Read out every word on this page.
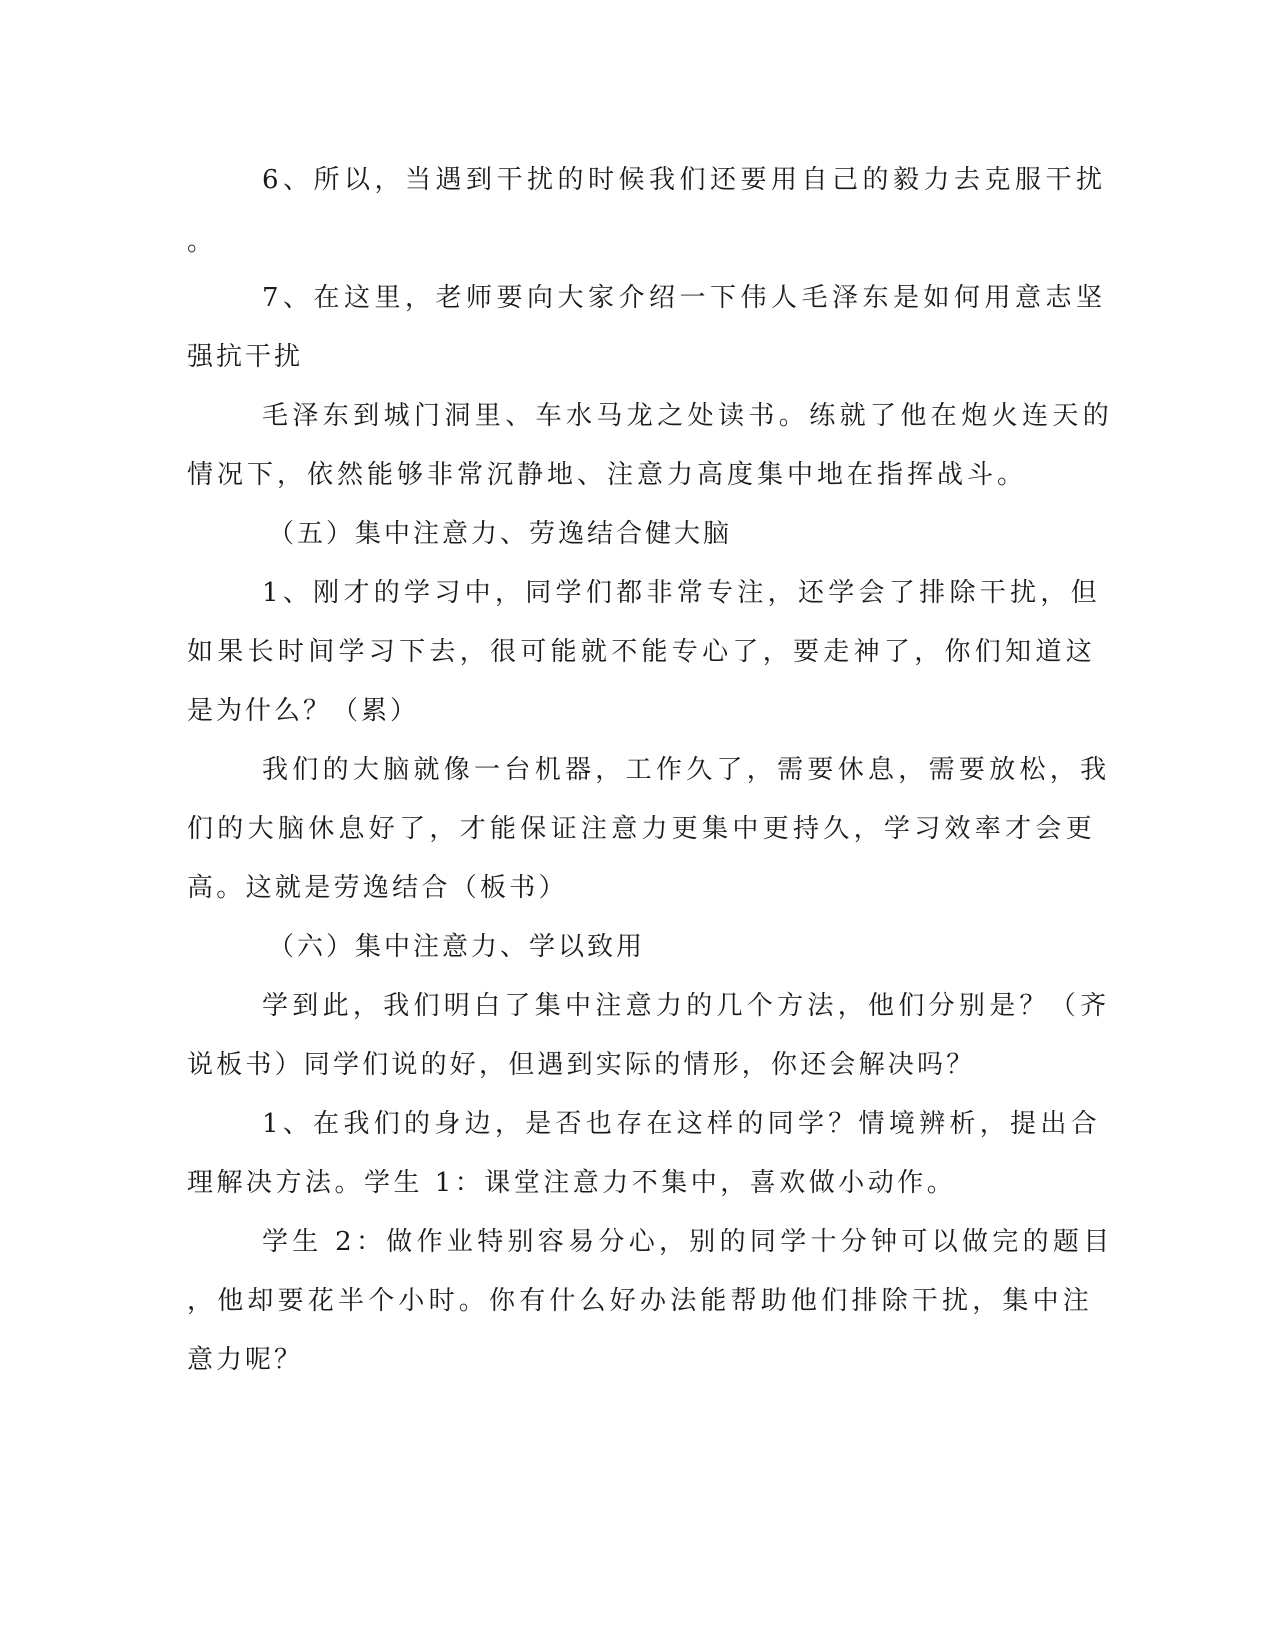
6、所以，当遇到干扰的时候我们还要用自己的毅力去克服干扰
。
7、在这里，老师要向大家介绍一下伟人毛泽东是如何用意志坚
强抗干扰
毛泽东到城门洞里、车水马龙之处读书。练就了他在炮火连天的
情况下，依然能够非常沉静地、注意力高度集中地在指挥战斗。
（五）集中注意力、劳逸结合健大脑
1、刚才的学习中，同学们都非常专注，还学会了排除干扰，但
如果长时间学习下去，很可能就不能专心了，要走神了，你们知道这
是为什么？（累）
我们的大脑就像一台机器，工作久了，需要休息，需要放松，我
们的大脑休息好了，才能保证注意力更集中更持久，学习效率才会更
高。这就是劳逸结合（板书）
（六）集中注意力、学以致用
学到此，我们明白了集中注意力的几个方法，他们分别是？（齐
说板书）同学们说的好，但遇到实际的情形，你还会解决吗？
1、在我们的身边，是否也存在这样的同学？情境辨析，提出合
理解决方法。学生 1：课堂注意力不集中，喜欢做小动作。
学生 2：做作业特别容易分心，别的同学十分钟可以做完的题目
，他却要花半个小时。你有什么好办法能帮助他们排除干扰，集中注
意力呢？
